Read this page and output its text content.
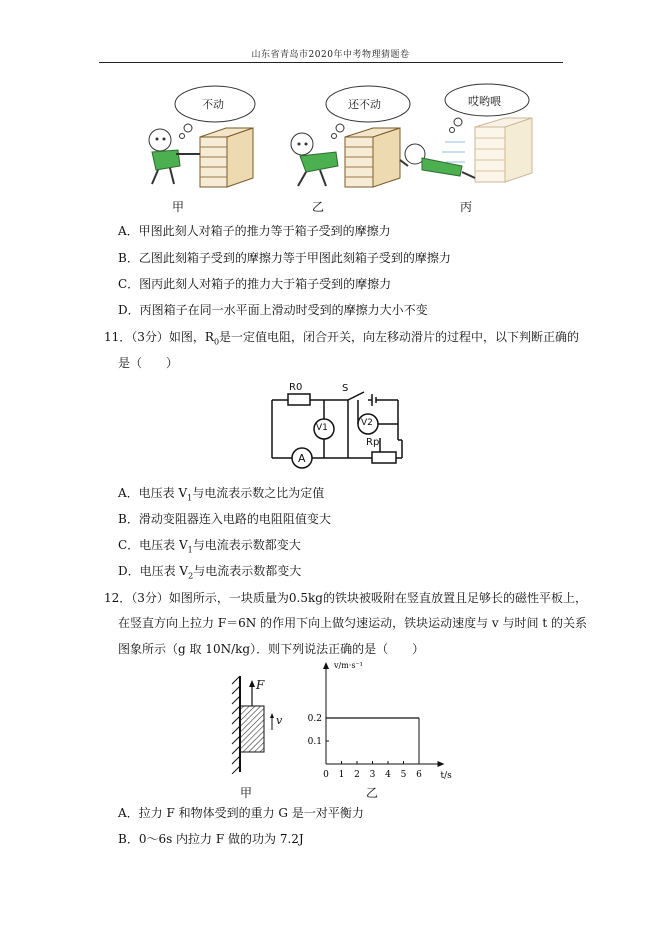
山东省青岛市2020年中考物理猜题卷
不动	还不动	哎哟喂
甲	乙	丙
A．甲图此刻人对箱子的推力等于箱子受到的摩擦力
B．乙图此刻箱子受到的摩擦力等于甲图此刻箱子受到的摩擦力
C．图丙此刻人对箱子的推力大于箱子受到的摩擦力
D．丙图箱子在同一水平面上滑动时受到的摩擦力大小不变
11．（3分）如图，$R_0$是一定值电阻，闭合开关，向左移动滑片的过程中，以下判断正确的
是（　　）
R0	S
V1	V2
A
Rp
A．电压表 $V_1$与电流表示数之比为定值
B．滑动变阻器连入电路的电阻阻值变大
C．电压表 $V_1$与电流表示数都变大
D．电压表 $V_2$与电流表示数都变大
12．（3分）如图所示，一块质量为0.5kg的铁块被吸附在竖直放置且足够长的磁性平板上，
在竖直方向上拉力 F＝6N 的作用下向上做匀速运动，铁块运动速度与 v 与时间 t 的关系
图象所示（g 取 10N/kg）．则下列说法正确的是（　　）
F
v
甲
0 1 2 3 4 5 6
0.1
0.2
t/s
v/m·s⁻¹
乙
A．拉力 F 和物体受到的重力 G 是一对平衡力
B．0～6s 内拉力 F 做的功为 7.2J
